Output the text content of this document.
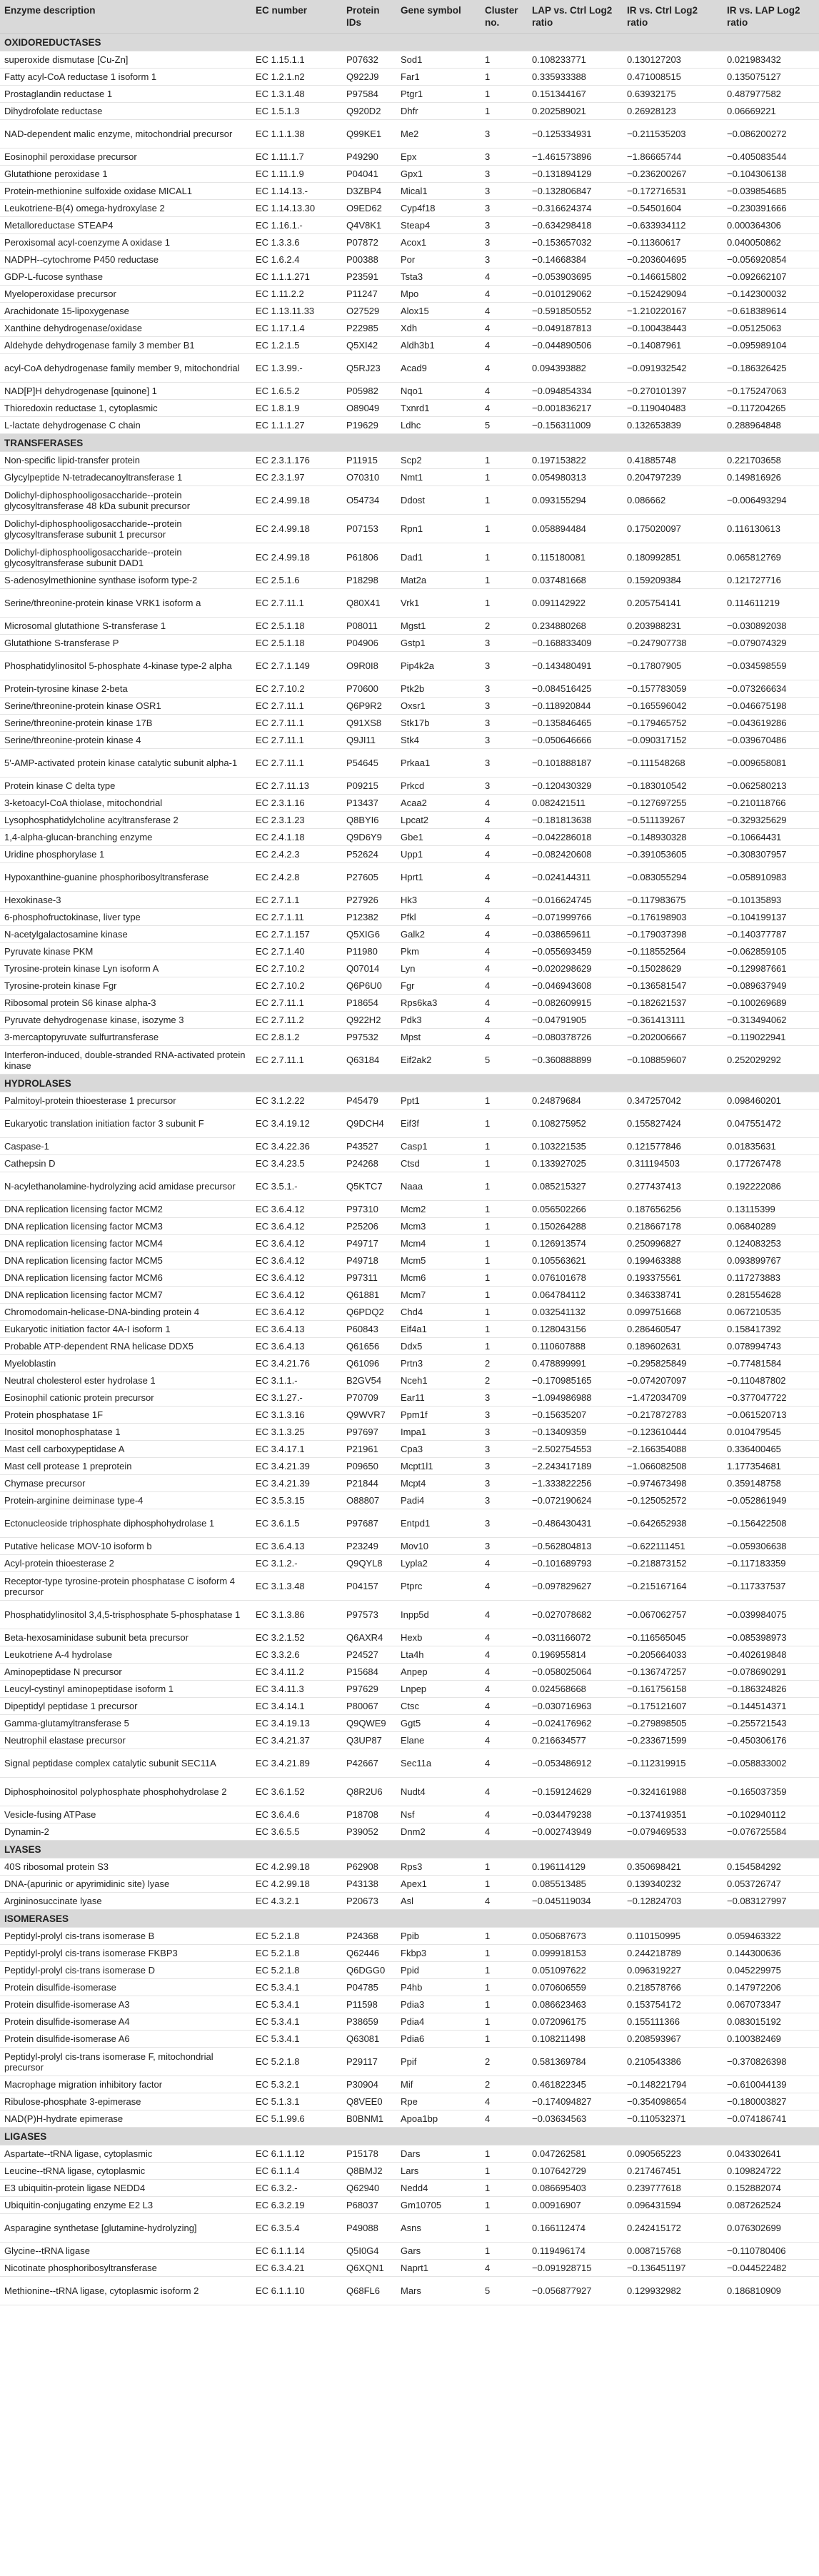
Enzyme description	EC number	Protein IDs	Gene symbol	Cluster no.	LAP vs. Ctrl Log2 ratio	IR vs. Ctrl Log2 ratio	IR vs. LAP Log2 ratio
OXIDOREDUCTASES							
superoxide dismutase [Cu-Zn]	EC 1.15.1.1	P07632	Sod1	1	0.108233771	0.130127203	0.021983432
Fatty acyl-CoA reductase 1 isoform 1	EC 1.2.1.n2	Q922J9	Far1	1	0.335933388	0.471008515	0.135075127
Prostaglandin reductase 1	EC 1.3.1.48	P97584	Ptgr1	1	0.151344167	0.63932175	0.487977582
Dihydrofolate reductase	EC 1.5.1.3	Q920D2	Dhfr	1	0.202589021	0.26928123	0.06669221
NAD-dependent malic enzyme, mitochondrial precursor	EC 1.1.1.38	Q99KE1	Me2	3	−0.125334931	−0.211535203	−0.086200272
Eosinophil peroxidase precursor	EC 1.11.1.7	P49290	Epx	3	−1.461573896	−1.86665744	−0.405083544
Glutathione peroxidase 1	EC 1.11.1.9	P04041	Gpx1	3	−0.131894129	−0.236200267	−0.104306138
Protein-methionine sulfoxide oxidase MICAL1	EC 1.14.13.-	D3ZBP4	Mical1	3	−0.132806847	−0.172716531	−0.039854685
Leukotriene-B(4) omega-hydroxylase 2	EC 1.14.13.30	O9ED62	Cyp4f18	3	−0.316624374	−0.54501604	−0.230391666
Metalloreductase STEAP4	EC 1.16.1.-	Q4V8K1	Steap4	3	−0.634298418	−0.633934112	0.000364306
Peroxisomal acyl-coenzyme A oxidase 1	EC 1.3.3.6	P07872	Acox1	3	−0.153657032	−0.11360617	0.040050862
NADPH--cytochrome P450 reductase	EC 1.6.2.4	P00388	Por	3	−0.14668384	−0.203604695	−0.056920854
GDP-L-fucose synthase	EC 1.1.1.271	P23591	Tsta3	4	−0.053903695	−0.146615802	−0.092662107
Myeloperoxidase precursor	EC 1.11.2.2	P11247	Mpo	4	−0.010129062	−0.152429094	−0.142300032
Arachidonate 15-lipoxygenase	EC 1.13.11.33	O27529	Alox15	4	−0.591850552	−1.210220167	−0.618389614
Xanthine dehydrogenase/oxidase	EC 1.17.1.4	P22985	Xdh	4	−0.049187813	−0.100438443	−0.05125063
Aldehyde dehydrogenase family 3 member B1	EC 1.2.1.5	Q5XI42	Aldh3b1	4	−0.044890506	−0.14087961	−0.095989104
acyl-CoA dehydrogenase family member 9, mitochondrial	EC 1.3.99.-	Q5RJ23	Acad9	4	0.094393882	−0.091932542	−0.186326425
NAD[P]H dehydrogenase [quinone] 1	EC 1.6.5.2	P05982	Nqo1	4	−0.094854334	−0.270101397	−0.175247063
Thioredoxin reductase 1, cytoplasmic	EC 1.8.1.9	O89049	Txnrd1	4	−0.001836217	−0.119040483	−0.117204265
L-lactate dehydrogenase C chain	EC 1.1.1.27	P19629	Ldhc	5	−0.156311009	0.132653839	0.288964848
TRANSFERASES							
Non-specific lipid-transfer protein	EC 2.3.1.176	P11915	Scp2	1	0.197153822	0.41885748	0.221703658
Glycylpeptide N-tetradecanoyltransferase 1	EC 2.3.1.97	O70310	Nmt1	1	0.054980313	0.204797239	0.149816926
Dolichyl-diphosphooligosaccharide--protein glycosyltransferase 48 kDa subunit precursor	EC 2.4.99.18	O54734	Ddost	1	0.093155294	0.086662	−0.006493294
Dolichyl-diphosphooligosaccharide--protein glycosyltransferase subunit 1 precursor	EC 2.4.99.18	P07153	Rpn1	1	0.058894484	0.175020097	0.116130613
Dolichyl-diphosphooligosaccharide--protein glycosyltransferase subunit DAD1	EC 2.4.99.18	P61806	Dad1	1	0.115180081	0.180992851	0.065812769
S-adenosylmethionine synthase isoform type-2	EC 2.5.1.6	P18298	Mat2a	1	0.037481668	0.159209384	0.121727716
Serine/threonine-protein kinase VRK1 isoform a	EC 2.7.11.1	Q80X41	Vrk1	1	0.091142922	0.205754141	0.114611219
Microsomal glutathione S-transferase 1	EC 2.5.1.18	P08011	Mgst1	2	0.234880268	0.203988231	−0.030892038
Glutathione S-transferase P	EC 2.5.1.18	P04906	Gstp1	3	−0.168833409	−0.247907738	−0.079074329
Phosphatidylinositol 5-phosphate 4-kinase type-2 alpha	EC 2.7.1.149	O9R0I8	Pip4k2a	3	−0.143480491	−0.17807905	−0.034598559
Protein-tyrosine kinase 2-beta	EC 2.7.10.2	P70600	Ptk2b	3	−0.084516425	−0.157783059	−0.073266634
Serine/threonine-protein kinase OSR1	EC 2.7.11.1	Q6P9R2	Oxsr1	3	−0.118920844	−0.165596042	−0.046675198
Serine/threonine-protein kinase 17B	EC 2.7.11.1	Q91XS8	Stk17b	3	−0.135846465	−0.179465752	−0.043619286
Serine/threonine-protein kinase 4	EC 2.7.11.1	Q9JI11	Stk4	3	−0.050646666	−0.090317152	−0.039670486
5'-AMP-activated protein kinase catalytic subunit alpha-1	EC 2.7.11.1	P54645	Prkaa1	3	−0.101888187	−0.111548268	−0.009658081
Protein kinase C delta type	EC 2.7.11.13	P09215	Prkcd	3	−0.120430329	−0.183010542	−0.062580213
3-ketoacyl-CoA thiolase, mitochondrial	EC 2.3.1.16	P13437	Acaa2	4	0.082421511	−0.127697255	−0.210118766
Lysophosphatidylcholine acyltransferase 2	EC 2.3.1.23	Q8BYI6	Lpcat2	4	−0.181813638	−0.511139267	−0.329325629
1,4-alpha-glucan-branching enzyme	EC 2.4.1.18	Q9D6Y9	Gbe1	4	−0.042286018	−0.148930328	−0.10664431
Uridine phosphorylase 1	EC 2.4.2.3	P52624	Upp1	4	−0.082420608	−0.391053605	−0.308307957
Hypoxanthine-guanine phosphoribosyltransferase	EC 2.4.2.8	P27605	Hprt1	4	−0.024144311	−0.083055294	−0.058910983
Hexokinase-3	EC 2.7.1.1	P27926	Hk3	4	−0.016624745	−0.117983675	−0.10135893
6-phosphofructokinase, liver type	EC 2.7.1.11	P12382	Pfkl	4	−0.071999766	−0.176198903	−0.104199137
N-acetylgalactosamine kinase	EC 2.7.1.157	Q5XIG6	Galk2	4	−0.038659611	−0.179037398	−0.140377787
Pyruvate kinase PKM	EC 2.7.1.40	P11980	Pkm	4	−0.055693459	−0.118552564	−0.062859105
Tyrosine-protein kinase Lyn isoform A	EC 2.7.10.2	Q07014	Lyn	4	−0.020298629	−0.15028629	−0.129987661
Tyrosine-protein kinase Fgr	EC 2.7.10.2	Q6P6U0	Fgr	4	−0.046943608	−0.136581547	−0.089637949
Ribosomal protein S6 kinase alpha-3	EC 2.7.11.1	P18654	Rps6ka3	4	−0.082609915	−0.182621537	−0.100269689
Pyruvate dehydrogenase kinase, isozyme 3	EC 2.7.11.2	Q922H2	Pdk3	4	−0.04791905	−0.361413111	−0.313494062
3-mercaptopyruvate sulfurtransferase	EC 2.8.1.2	P97532	Mpst	4	−0.080378726	−0.202006667	−0.119022941
Interferon-induced, double-stranded RNA-activated protein kinase	EC 2.7.11.1	Q63184	Eif2ak2	5	−0.360888899	−0.108859607	0.252029292
HYDROLASES							
Palmitoyl-protein thioesterase 1 precursor	EC 3.1.2.22	P45479	Ppt1	1	0.24879684	0.347257042	0.098460201
Eukaryotic translation initiation factor 3 subunit F	EC 3.4.19.12	Q9DCH4	Eif3f	1	0.108275952	0.155827424	0.047551472
Caspase-1	EC 3.4.22.36	P43527	Casp1	1	0.103221535	0.121577846	0.01835631
Cathepsin D	EC 3.4.23.5	P24268	Ctsd	1	0.133927025	0.311194503	0.177267478
N-acylethanolamine-hydrolyzing acid amidase precursor	EC 3.5.1.-	Q5KTC7	Naaa	1	0.085215327	0.277437413	0.192222086
DNA replication licensing factor MCM2	EC 3.6.4.12	P97310	Mcm2	1	0.056502266	0.187656256	0.13115399
DNA replication licensing factor MCM3	EC 3.6.4.12	P25206	Mcm3	1	0.150264288	0.218667178	0.06840289
DNA replication licensing factor MCM4	EC 3.6.4.12	P49717	Mcm4	1	0.126913574	0.250996827	0.124083253
DNA replication licensing factor MCM5	EC 3.6.4.12	P49718	Mcm5	1	0.105563621	0.199463388	0.093899767
DNA replication licensing factor MCM6	EC 3.6.4.12	P97311	Mcm6	1	0.076101678	0.193375561	0.117273883
DNA replication licensing factor MCM7	EC 3.6.4.12	Q61881	Mcm7	1	0.064784112	0.346338741	0.281554628
Chromodomain-helicase-DNA-binding protein 4	EC 3.6.4.12	Q6PDQ2	Chd4	1	0.032541132	0.099751668	0.067210535
Eukaryotic initiation factor 4A-I isoform 1	EC 3.6.4.13	P60843	Eif4a1	1	0.128043156	0.286460547	0.158417392
Probable ATP-dependent RNA helicase DDX5	EC 3.6.4.13	Q61656	Ddx5	1	0.110607888	0.189602631	0.078994743
Myeloblastin	EC 3.4.21.76	Q61096	Prtn3	2	0.478899991	−0.295825849	−0.77481584
Neutral cholesterol ester hydrolase 1	EC 3.1.1.-	B2GV54	Nceh1	2	−0.170985165	−0.074207097	−0.110487802
Eosinophil cationic protein precursor	EC 3.1.27.-	P70709	Ear11	3	−1.094986988	−1.472034709	−0.377047722
Protein phosphatase 1F	EC 3.1.3.16	Q9WVR7	Ppm1f	3	−0.15635207	−0.217872783	−0.061520713
Inositol monophosphatase 1	EC 3.1.3.25	P97697	Impa1	3	−0.13409359	−0.123610444	0.010479545
Mast cell carboxypeptidase A	EC 3.4.17.1	P21961	Cpa3	3	−2.502754553	−2.166354088	0.336400465
Mast cell protease 1 preprotein	EC 3.4.21.39	P09650	Mcpt1l1	3	−2.243417189	−1.066082508	1.177354681
Chymase precursor	EC 3.4.21.39	P21844	Mcpt4	3	−1.333822256	−0.974673498	0.359148758
Protein-arginine deiminase type-4	EC 3.5.3.15	O88807	Padi4	3	−0.072190624	−0.125052572	−0.052861949
Ectonucleoside triphosphate diphosphohydrolase 1	EC 3.6.1.5	P97687	Entpd1	3	−0.486430431	−0.642652938	−0.156422508
Putative helicase MOV-10 isoform b	EC 3.6.4.13	P23249	Mov10	3	−0.562804813	−0.622111451	−0.059306638
Acyl-protein thioesterase 2	EC 3.1.2.-	Q9QYL8	Lypla2	4	−0.101689793	−0.218873152	−0.117183359
Receptor-type tyrosine-protein phosphatase C isoform 4 precursor	EC 3.1.3.48	P04157	Ptprc	4	−0.097829627	−0.215167164	−0.117337537
Phosphatidylinositol 3,4,5-trisphosphate 5-phosphatase 1	EC 3.1.3.86	P97573	Inpp5d	4	−0.027078682	−0.067062757	−0.039984075
Beta-hexosaminidase subunit beta precursor	EC 3.2.1.52	Q6AXR4	Hexb	4	−0.031166072	−0.116565045	−0.085398973
Leukotriene A-4 hydrolase	EC 3.3.2.6	P24527	Lta4h	4	0.196955814	−0.205664033	−0.402619848
Aminopeptidase N precursor	EC 3.4.11.2	P15684	Anpep	4	−0.058025064	−0.136747257	−0.078690291
Leucyl-cystinyl aminopeptidase isoform 1	EC 3.4.11.3	P97629	Lnpep	4	0.024568668	−0.161756158	−0.186324826
Dipeptidyl peptidase 1 precursor	EC 3.4.14.1	P80067	Ctsc	4	−0.030716963	−0.175121607	−0.144514371
Gamma-glutamyltransferase 5	EC 3.4.19.13	Q9QWE9	Ggt5	4	−0.024176962	−0.279898505	−0.255721543
Neutrophil elastase precursor	EC 3.4.21.37	Q3UP87	Elane	4	0.216634577	−0.233671599	−0.450306176
Signal peptidase complex catalytic subunit SEC11A	EC 3.4.21.89	P42667	Sec11a	4	−0.053486912	−0.112319915	−0.058833002
Diphosphoinositol polyphosphate phosphohydrolase 2	EC 3.6.1.52	Q8R2U6	Nudt4	4	−0.159124629	−0.324161988	−0.165037359
Vesicle-fusing ATPase	EC 3.6.4.6	P18708	Nsf	4	−0.034479238	−0.137419351	−0.102940112
Dynamin-2	EC 3.6.5.5	P39052	Dnm2	4	−0.002743949	−0.079469533	−0.076725584
LYASES							
40S ribosomal protein S3	EC 4.2.99.18	P62908	Rps3	1	0.196114129	0.350698421	0.154584292
DNA-(apurinic or apyrimidinic site) lyase	EC 4.2.99.18	P43138	Apex1	1	0.085513485	0.139340232	0.053726747
Argininosuccinate lyase	EC 4.3.2.1	P20673	Asl	4	−0.045119034	−0.12824703	−0.083127997
ISOMERASES							
Peptidyl-prolyl cis-trans isomerase B	EC 5.2.1.8	P24368	Ppib	1	0.050687673	0.110150995	0.059463322
Peptidyl-prolyl cis-trans isomerase FKBP3	EC 5.2.1.8	Q62446	Fkbp3	1	0.099918153	0.244218789	0.144300636
Peptidyl-prolyl cis-trans isomerase D	EC 5.2.1.8	Q6DGG0	Ppid	1	0.051097622	0.096319227	0.045229975
Protein disulfide-isomerase	EC 5.3.4.1	P04785	P4hb	1	0.070606559	0.218578766	0.147972206
Protein disulfide-isomerase A3	EC 5.3.4.1	P11598	Pdia3	1	0.086623463	0.153754172	0.067073347
Protein disulfide-isomerase A4	EC 5.3.4.1	P38659	Pdia4	1	0.072096175	0.155111366	0.083015192
Protein disulfide-isomerase A6	EC 5.3.4.1	Q63081	Pdia6	1	0.108211498	0.208593967	0.100382469
Peptidyl-prolyl cis-trans isomerase F, mitochondrial precursor	EC 5.2.1.8	P29117	Ppif	2	0.581369784	0.210543386	−0.370826398
Macrophage migration inhibitory factor	EC 5.3.2.1	P30904	Mif	2	0.461822345	−0.148221794	−0.610044139
Ribulose-phosphate 3-epimerase	EC 5.1.3.1	Q8VEE0	Rpe	4	−0.174094827	−0.354098654	−0.180003827
NAD(P)H-hydrate epimerase	EC 5.1.99.6	B0BNM1	Apoa1bp	4	−0.03634563	−0.110532371	−0.074186741
LIGASES							
Aspartate--tRNA ligase, cytoplasmic	EC 6.1.1.12	P15178	Dars	1	0.047262581	0.090565223	0.043302641
Leucine--tRNA ligase, cytoplasmic	EC 6.1.1.4	Q8BMJ2	Lars	1	0.107642729	0.217467451	0.109824722
E3 ubiquitin-protein ligase NEDD4	EC 6.3.2.-	Q62940	Nedd4	1	0.086695403	0.239777618	0.152882074
Ubiquitin-conjugating enzyme E2 L3	EC 6.3.2.19	P68037	Gm10705	1	0.00916907	0.096431594	0.087262524
Asparagine synthetase [glutamine-hydrolyzing]	EC 6.3.5.4	P49088	Asns	1	0.166112474	0.242415172	0.076302699
Glycine--tRNA ligase	EC 6.1.1.14	Q5I0G4	Gars	1	0.119496174	0.008715768	−0.110780406
Nicotinate phosphoribosyltransferase	EC 6.3.4.21	Q6XQN1	Naprt1	4	−0.091928715	−0.136451197	−0.044522482
Methionine--tRNA ligase, cytoplasmic isoform 2	EC 6.1.1.10	Q68FL6	Mars	5	−0.056877927	0.129932982	0.186810909
